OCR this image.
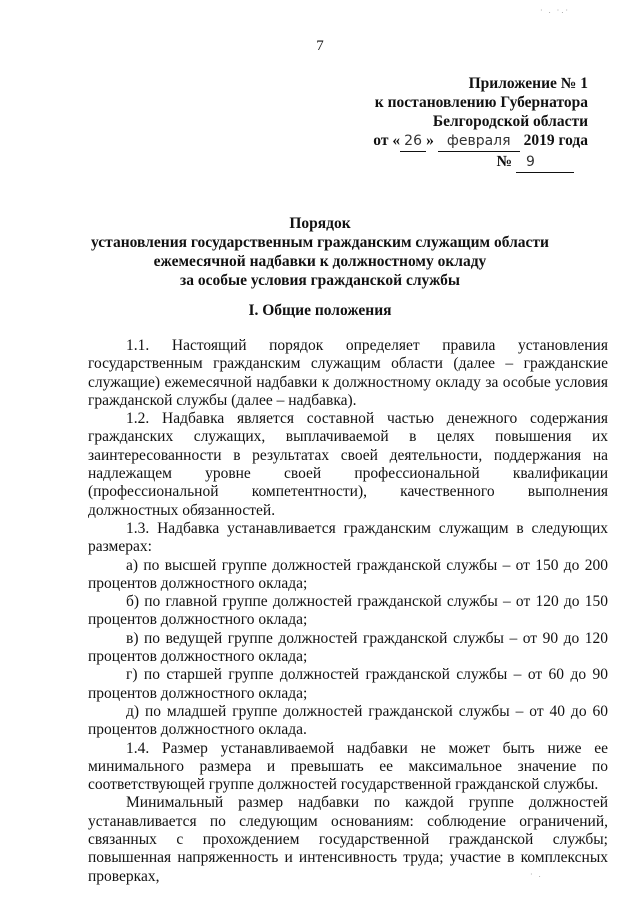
7
Приложение № 1
к постановлению Губернатора
Белгородской области
от « 26 » февраля 2019 года
№ 9
Порядок
установления государственным гражданским служащим области
ежемесячной надбавки к должностному окладу
за особые условия гражданской службы
I. Общие положения

1.1. Настоящий порядок определяет правила установления государственным гражданским служащим области (далее – гражданские служащие) ежемесячной надбавки к должностному окладу за особые условия гражданской службы (далее – надбавка).

1.2. Надбавка является составной частью денежного содержания гражданских служащих, выплачиваемой в целях повышения их заинтересованности в результатах своей деятельности, поддержания на надлежащем уровне своей профессиональной квалификации (профессиональной компетентности), качественного выполнения должностных обязанностей.

1.3. Надбавка устанавливается гражданским служащим в следующих размерах:

а) по высшей группе должностей гражданской службы – от 150 до 200 процентов должностного оклада;

б) по главной группе должностей гражданской службы – от 120 до 150 процентов должностного оклада;

в) по ведущей группе должностей гражданской службы – от 90 до 120 процентов должностного оклада;

г) по старшей группе должностей гражданской службы – от 60 до 90 процентов должностного оклада;

д) по младшей группе должностей гражданской службы – от 40 до 60 процентов должностного оклада.

1.4. Размер устанавливаемой надбавки не может быть ниже ее минимального размера и превышать ее максимальное значение по соответствующей группе должностей государственной гражданской службы.

Минимальный размер надбавки по каждой группе должностей устанавливается по следующим основаниям: соблюдение ограничений, связанных с прохождением государственной гражданской службы; повышенная напряженность и интенсивность труда; участие в комплексных проверках,

· . ·.·
· .
